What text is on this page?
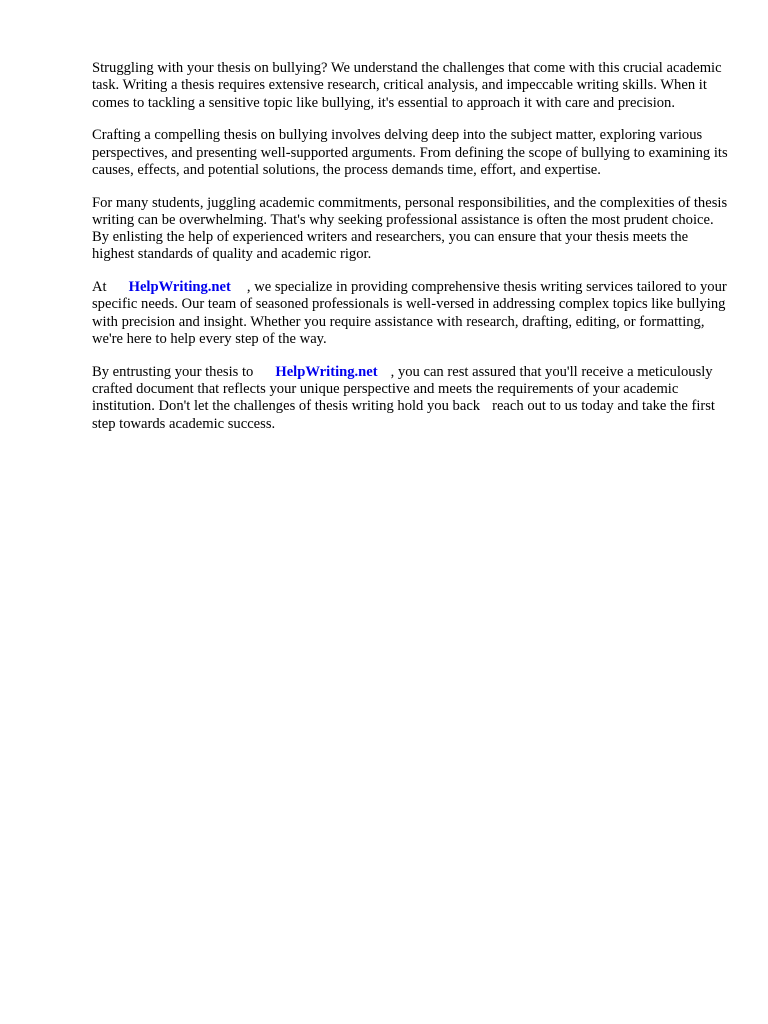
Struggling with your thesis on bullying? We understand the challenges that come with this crucial academic task. Writing a thesis requires extensive research, critical analysis, and impeccable writing skills. When it comes to tackling a sensitive topic like bullying, it's essential to approach it with care and precision.

Crafting a compelling thesis on bullying involves delving deep into the subject matter, exploring various perspectives, and presenting well-supported arguments. From defining the scope of bullying to examining its causes, effects, and potential solutions, the process demands time, effort, and expertise.

For many students, juggling academic commitments, personal responsibilities, and the complexities of thesis writing can be overwhelming. That's why seeking professional assistance is often the most prudent choice. By enlisting the help of experienced writers and researchers, you can ensure that your thesis meets the highest standards of quality and academic rigor.

At HelpWriting.net , we specialize in providing comprehensive thesis writing services tailored to your specific needs. Our team of seasoned professionals is well-versed in addressing complex topics like bullying with precision and insight. Whether you require assistance with research, drafting, editing, or formatting, we're here to help every step of the way.

By entrusting your thesis to HelpWriting.net , you can rest assured that you'll receive a meticulously crafted document that reflects your unique perspective and meets the requirements of your academic institution. Don't let the challenges of thesis writing hold you back reach out to us today and take the first step towards academic success.
